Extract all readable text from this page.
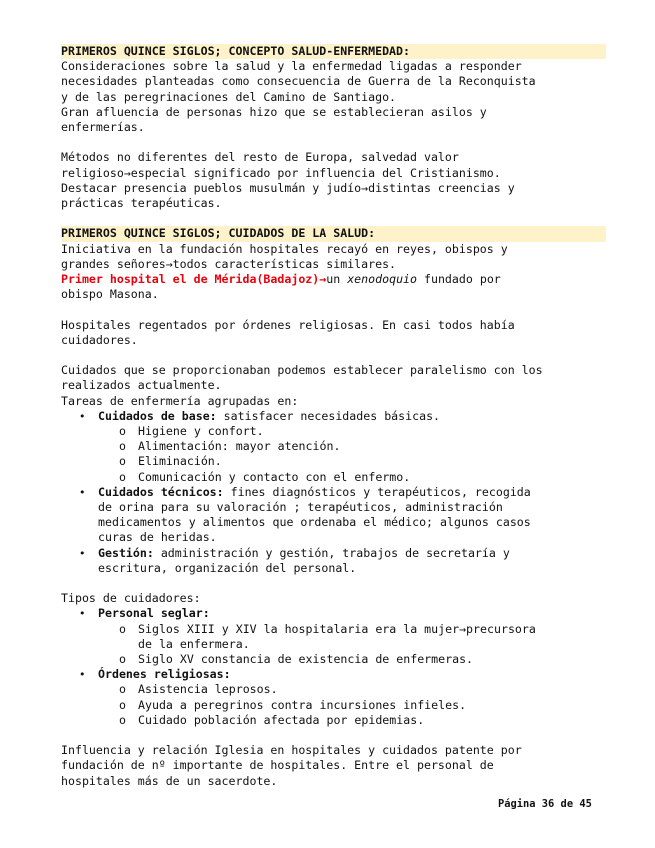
PRIMEROS QUINCE SIGLOS; CONCEPTO SALUD-ENFERMEDAD:

Consideraciones sobre la salud y la enfermedad ligadas a responder

necesidades planteadas como consecuencia de Guerra de la Reconquista

y de las peregrinaciones del Camino de Santiago.

Gran afluencia de personas hizo que se establecieran asilos y

enfermerías.

Métodos no diferentes del resto de Europa, salvedad valor

religioso→especial significado por influencia del Cristianismo.

Destacar presencia pueblos musulmán y judío→distintas creencias y

prácticas terapéuticas.

PRIMEROS QUINCE SIGLOS; CUIDADOS DE LA SALUD:

Iniciativa en la fundación hospitales recayó en reyes, obispos y

grandes señores→todos características similares.

Primer hospital el de Mérida(Badajoz)→un xenodoquio fundado por

obispo Masona.

Hospitales regentados por órdenes religiosas. En casi todos había

cuidadores.

Cuidados que se proporcionaban podemos establecer paralelismo con los

realizados actualmente.

Tareas de enfermería agrupadas en:

• Cuidados de base: satisfacer necesidades básicas.
o Higiene y confort.
o Alimentación: mayor atención.
o Eliminación.
o Comunicación y contacto con el enfermo.
• Cuidados técnicos: fines diagnósticos y terapéuticos, recogida
de orina para su valoración ; terapéuticos, administración
medicamentos y alimentos que ordenaba el médico; algunos casos
curas de heridas.
• Gestión: administración y gestión, trabajos de secretaría y
escritura, organización del personal.

Tipos de cuidadores:

• Personal seglar:
o Siglos XIII y XIV la hospitalaria era la mujer→precursora
de la enfermera.
o Siglo XV constancia de existencia de enfermeras.
• Órdenes religiosas:
o Asistencia leprosos.
o Ayuda a peregrinos contra incursiones infieles.
o Cuidado población afectada por epidemias.

Influencia y relación Iglesia en hospitales y cuidados patente por

fundación de nº importante de hospitales. Entre el personal de

hospitales más de un sacerdote.

Página 36 de 45
